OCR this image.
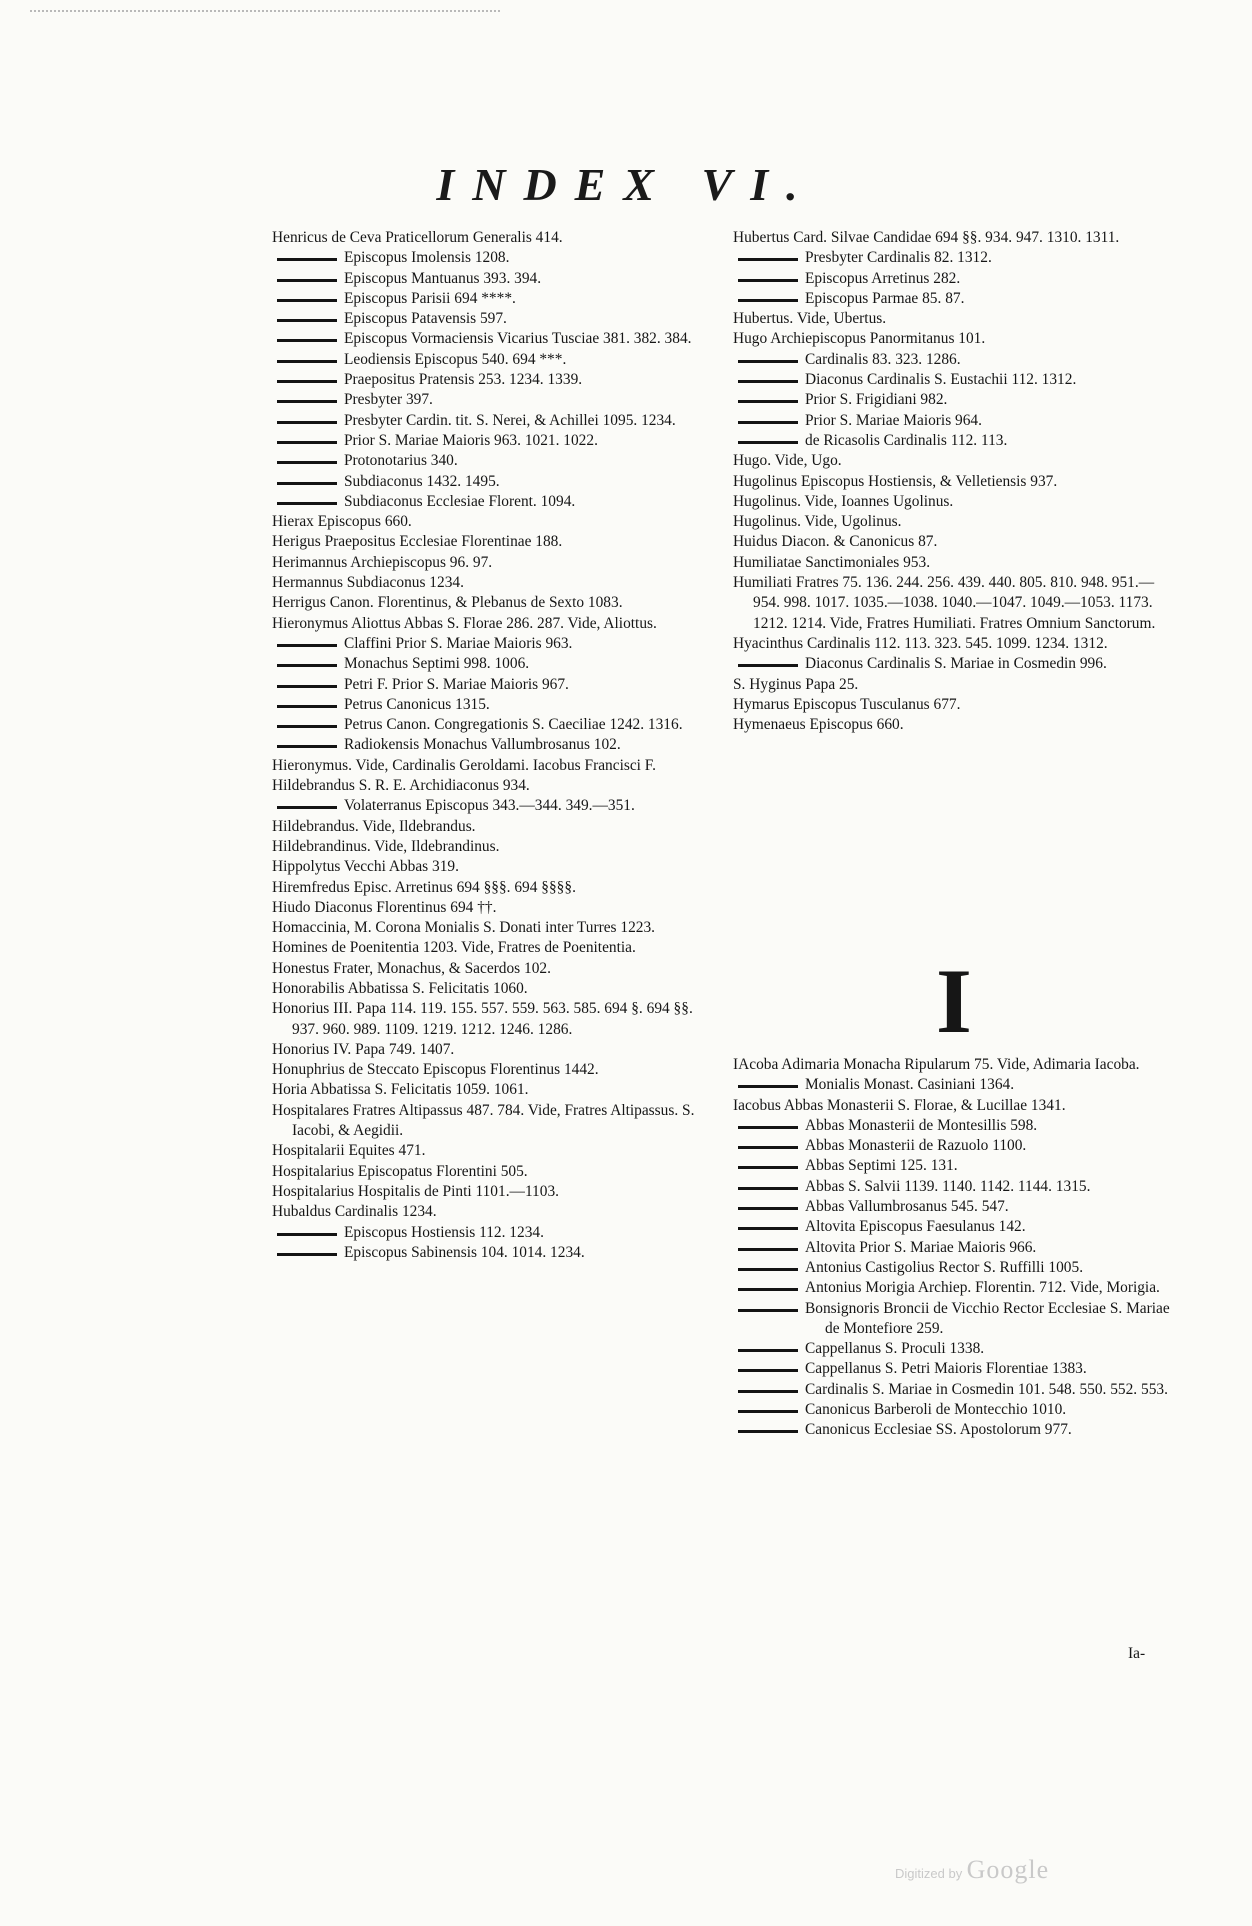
INDEX VI.

Henricus de Ceva Praticellorum Generalis 414.

Episcopus Imolensis 1208.

Episcopus Mantuanus 393. 394.

Episcopus Parisii 694 ****.

Episcopus Patavensis 597.

Episcopus Vormaciensis Vicarius Tusciae 381. 382. 384.

Leodiensis Episcopus 540. 694 ***.

Praepositus Pratensis 253. 1234. 1339.

Presbyter 397.

Presbyter Cardin. tit. S. Nerei, & Achillei 1095. 1234.

Prior S. Mariae Maioris 963. 1021. 1022.

Protonotarius 340.

Subdiaconus 1432. 1495.

Subdiaconus Ecclesiae Florent. 1094.

Hierax Episcopus 660.

Herigus Praepositus Ecclesiae Florentinae 188.

Herimannus Archiepiscopus 96. 97.

Hermannus Subdiaconus 1234.

Herrigus Canon. Florentinus, & Plebanus de Sexto 1083.

Hieronymus Aliottus Abbas S. Florae 286. 287. Vide, Aliottus.

Claffini Prior S. Mariae Maioris 963.

Monachus Septimi 998. 1006.

Petri F. Prior S. Mariae Maioris 967.

Petrus Canonicus 1315.

Petrus Canon. Congregationis S. Caeciliae 1242. 1316.

Radiokensis Monachus Vallumbrosanus 102.

Hieronymus. Vide, Cardinalis Geroldami. Iacobus Francisci F.

Hildebrandus S. R. E. Archidiaconus 934.

Volaterranus Episcopus 343.—344. 349.—351.

Hildebrandus. Vide, Ildebrandus.

Hildebrandinus. Vide, Ildebrandinus.

Hippolytus Vecchi Abbas 319.

Hiremfredus Episc. Arretinus 694 §§§. 694 §§§§.

Hiudo Diaconus Florentinus 694 ††.

Homaccinia, M. Corona Monialis S. Donati inter Turres 1223.

Homines de Poenitentia 1203. Vide, Fratres de Poenitentia.

Honestus Frater, Monachus, & Sacerdos 102.

Honorabilis Abbatissa S. Felicitatis 1060.

Honorius III. Papa 114. 119. 155. 557. 559. 563. 585. 694 §. 694 §§. 937. 960. 989. 1109. 1219. 1212. 1246. 1286.

Honorius IV. Papa 749. 1407.

Honuphrius de Steccato Episcopus Florentinus 1442.

Horia Abbatissa S. Felicitatis 1059. 1061.

Hospitalares Fratres Altipassus 487. 784. Vide, Fratres Altipassus. S. Iacobi, & Aegidii.

Hospitalarii Equites 471.

Hospitalarius Episcopatus Florentini 505.

Hospitalarius Hospitalis de Pinti 1101.—1103.

Hubaldus Cardinalis 1234.

Episcopus Hostiensis 112. 1234.

Episcopus Sabinensis 104. 1014. 1234.

Hubertus Card. Silvae Candidae 694 §§. 934. 947. 1310. 1311.

Presbyter Cardinalis 82. 1312.

Episcopus Arretinus 282.

Episcopus Parmae 85. 87.

Hubertus. Vide, Ubertus.

Hugo Archiepiscopus Panormitanus 101.

Cardinalis 83. 323. 1286.

Diaconus Cardinalis S. Eustachii 112. 1312.

Prior S. Frigidiani 982.

Prior S. Mariae Maioris 964.

de Ricasolis Cardinalis 112. 113.

Hugo. Vide, Ugo.

Hugolinus Episcopus Hostiensis, & Velletiensis 937.

Hugolinus. Vide, Ioannes Ugolinus.

Hugolinus. Vide, Ugolinus.

Huidus Diacon. & Canonicus 87.

Humiliatae Sanctimoniales 953.

Humiliati Fratres 75. 136. 244. 256. 439. 440. 805. 810. 948. 951.—954. 998. 1017. 1035.—1038. 1040.—1047. 1049.—1053. 1173. 1212. 1214. Vide, Fratres Humiliati. Fratres Omnium Sanctorum.

Hyacinthus Cardinalis 112. 113. 323. 545. 1099. 1234. 1312.

Diaconus Cardinalis S. Mariae in Cosmedin 996.

S. Hyginus Papa 25.

Hymarus Episcopus Tusculanus 677.

Hymenaeus Episcopus 660.

I

IAcoba Adimaria Monacha Ripularum 75. Vide, Adimaria Iacoba.

Monialis Monast. Casiniani 1364.

Iacobus Abbas Monasterii S. Florae, & Lucillae 1341.

Abbas Monasterii de Montesillis 598.

Abbas Monasterii de Razuolo 1100.

Abbas Septimi 125. 131.

Abbas S. Salvii 1139. 1140. 1142. 1144. 1315.

Abbas Vallumbrosanus 545. 547.

Altovita Episcopus Faesulanus 142.

Altovita Prior S. Mariae Maioris 966.

Antonius Castigolius Rector S. Ruffilli 1005.

Antonius Morigia Archiep. Florentin. 712. Vide, Morigia.

Bonsignoris Broncii de Vicchio Rector Ecclesiae S. Mariae de Montefiore 259.

Cappellanus S. Proculi 1338.

Cappellanus S. Petri Maioris Florentiae 1383.

Cardinalis S. Mariae in Cosmedin 101. 548. 550. 552. 553.

Canonicus Barberoli de Montecchio 1010.

Canonicus Ecclesiae SS. Apostolorum 977.

Ia-
Digitized by Google
